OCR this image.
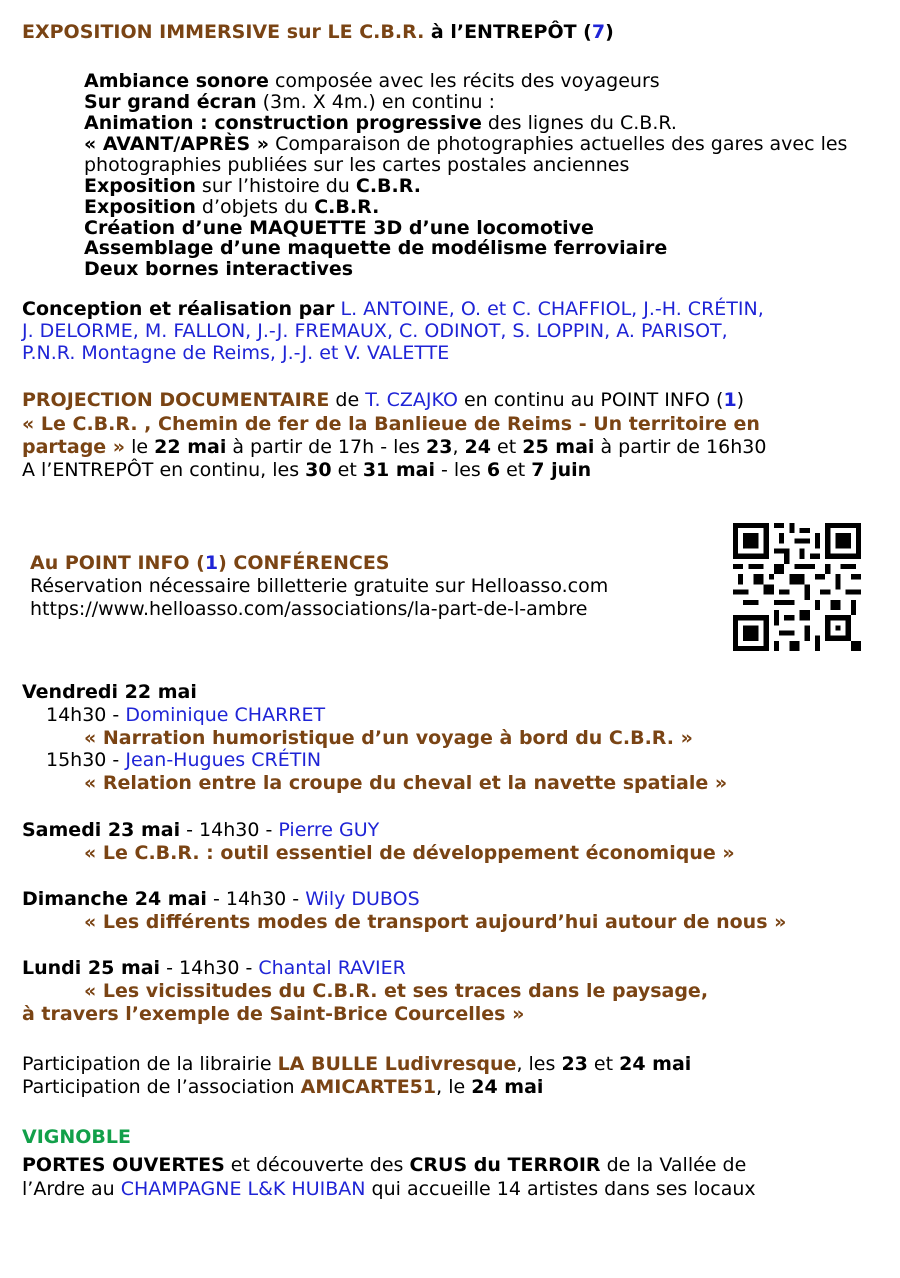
EXPOSITION IMMERSIVE sur LE C.B.R. à l’ENTREPÔT (7)
Ambiance sonore composée avec les récits des voyageurs
Sur grand écran (3m. X 4m.) en continu :
Animation : construction progressive des lignes du C.B.R.
« AVANT/APRÈS » Comparaison de photographies actuelles des gares avec les
photographies publiées sur les cartes postales anciennes
Exposition sur l’histoire du C.B.R.
Exposition d’objets du C.B.R.
Création d’une MAQUETTE 3D d’une locomotive
Assemblage d’une maquette de modélisme ferroviaire
Deux bornes interactives
Conception et réalisation par L. ANTOINE, O. et C. CHAFFIOL, J.-H. CRÉTIN,
J. DELORME, M. FALLON, J.-J. FREMAUX, C. ODINOT, S. LOPPIN, A. PARISOT,
P.N.R. Montagne de Reims, J.-J. et V. VALETTE
PROJECTION DOCUMENTAIRE de T. CZAJKO en continu au POINT INFO (1)
« Le C.B.R. , Chemin de fer de la Banlieue de Reims - Un territoire en
partage » le 22 mai à partir de 17h - les 23, 24 et 25 mai à partir de 16h30
A l’ENTREPÔT en continu, les 30 et 31 mai - les 6 et 7 juin
Au POINT INFO (1) CONFÉRENCES
Réservation nécessaire billetterie gratuite sur Helloasso.com
https://www.helloasso.com/associations/la-part-de-l-ambre
Vendredi 22 mai
14h30 - Dominique CHARRET
« Narration humoristique d’un voyage à bord du C.B.R. »
15h30 - Jean-Hugues CRÉTIN
« Relation entre la croupe du cheval et la navette spatiale »
Samedi 23 mai - 14h30 - Pierre GUY
« Le C.B.R. : outil essentiel de développement économique »
Dimanche 24 mai - 14h30 - Wily DUBOS
« Les différents modes de transport aujourd’hui autour de nous »
Lundi 25 mai - 14h30 - Chantal RAVIER
« Les vicissitudes du C.B.R. et ses traces dans le paysage,
à travers l’exemple de Saint-Brice Courcelles »
Participation de la librairie LA BULLE Ludivresque, les 23 et 24 mai
Participation de l’association AMICARTE51, le 24 mai
VIGNOBLE
PORTES OUVERTES et découverte des CRUS du TERROIR de la Vallée de
l’Ardre au CHAMPAGNE L&K HUIBAN qui accueille 14 artistes dans ses locaux
